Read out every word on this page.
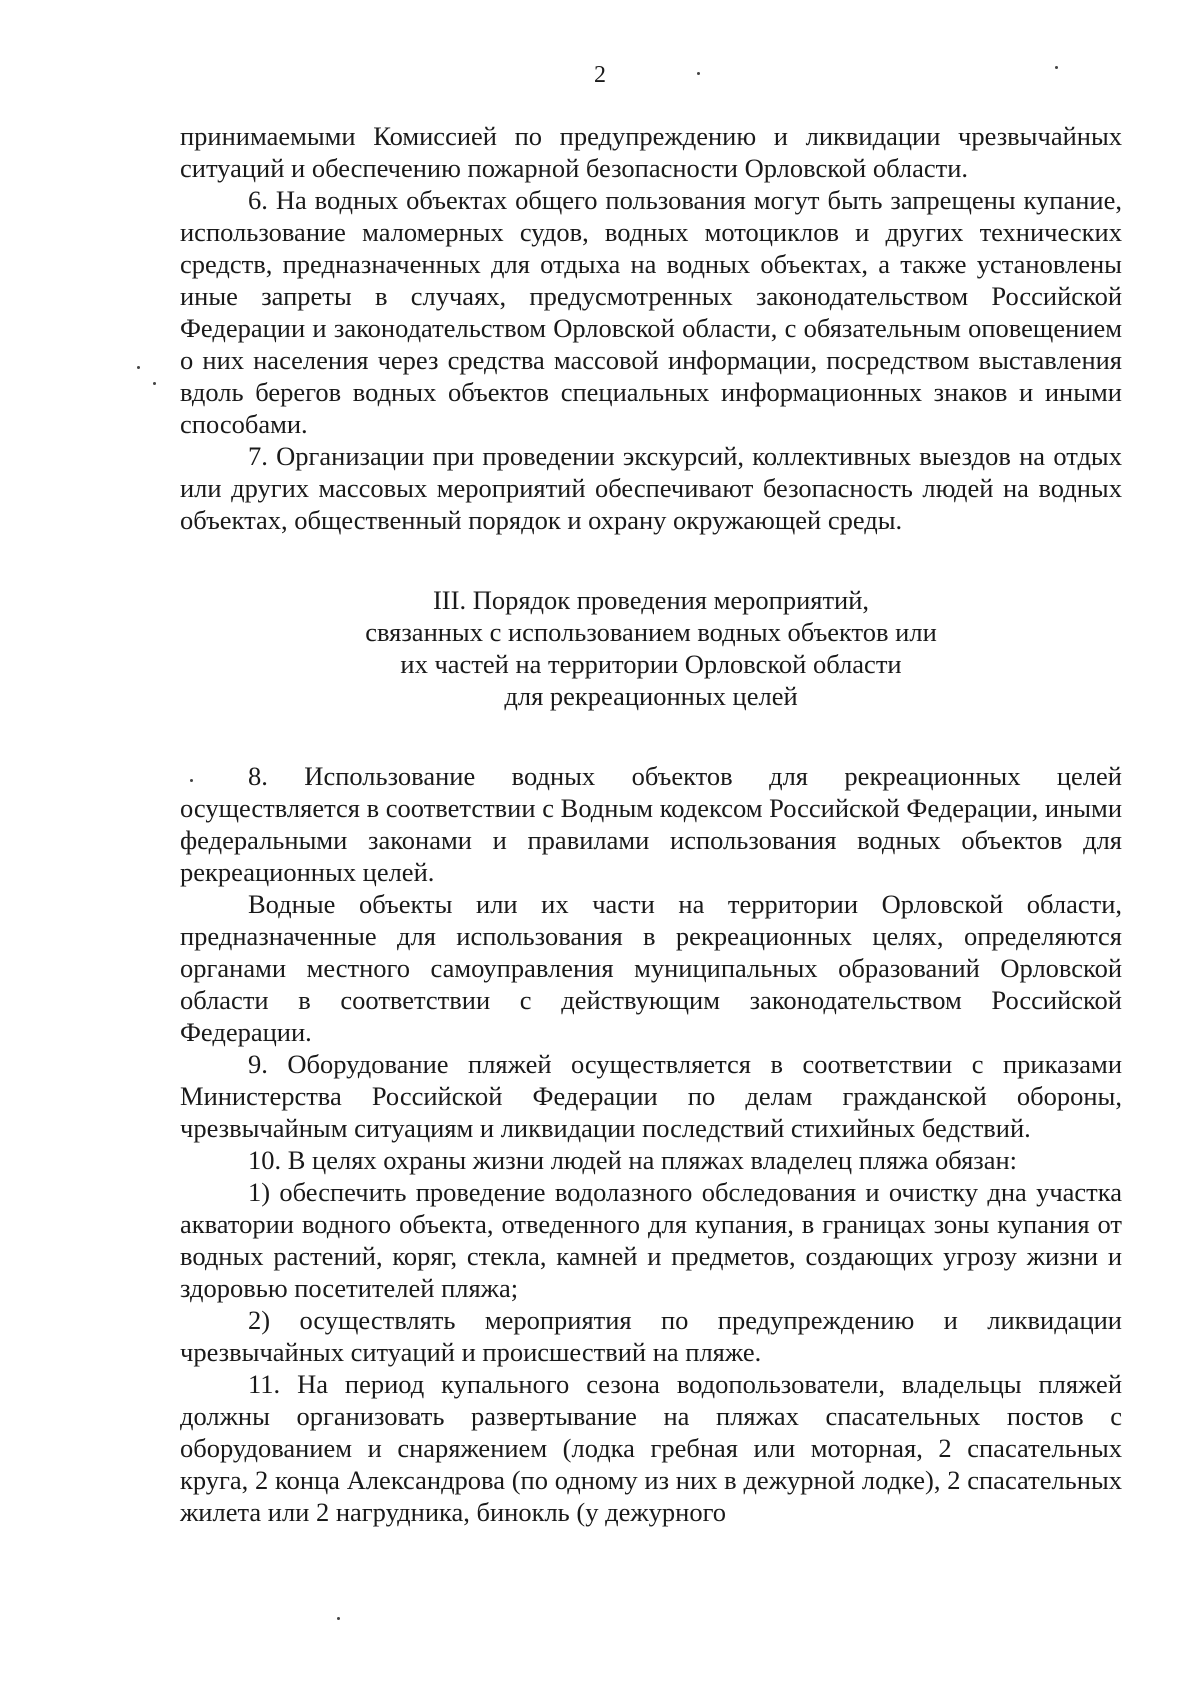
2

принимаемыми Комиссией по предупреждению и ликвидации чрезвычайных ситуаций и обеспечению пожарной безопасности Орловской области.

6. На водных объектах общего пользования могут быть запрещены купание, использование маломерных судов, водных мотоциклов и других технических средств, предназначенных для отдыха на водных объектах, а также установлены иные запреты в случаях, предусмотренных законодательством Российской Федерации и законодательством Орловской области, с обязательным оповещением о них населения через средства массовой информации, посредством выставления вдоль берегов водных объектов специальных информационных знаков и иными способами.

7. Организации при проведении экскурсий, коллективных выездов на отдых или других массовых мероприятий обеспечивают безопасность людей на водных объектах, общественный порядок и охрану окружающей среды.

III. Порядок проведения мероприятий,
связанных с использованием водных объектов или
их частей на территории Орловской области
для рекреационных целей

8. Использование водных объектов для рекреационных целей осуществляется в соответствии с Водным кодексом Российской Федерации, иными федеральными законами и правилами использования водных объектов для рекреационных целей.

Водные объекты или их части на территории Орловской области, предназначенные для использования в рекреационных целях, определяются органами местного самоуправления муниципальных образований Орловской области в соответствии с действующим законодательством Российской Федерации.

9. Оборудование пляжей осуществляется в соответствии с приказами Министерства Российской Федерации по делам гражданской обороны, чрезвычайным ситуациям и ликвидации последствий стихийных бедствий.

10. В целях охраны жизни людей на пляжах владелец пляжа обязан:

1) обеспечить проведение водолазного обследования и очистку дна участка акватории водного объекта, отведенного для купания, в границах зоны купания от водных растений, коряг, стекла, камней и предметов, создающих угрозу жизни и здоровью посетителей пляжа;

2) осуществлять мероприятия по предупреждению и ликвидации чрезвычайных ситуаций и происшествий на пляже.

11. На период купального сезона водопользователи, владельцы пляжей должны организовать развертывание на пляжах спасательных постов с оборудованием и снаряжением (лодка гребная или моторная, 2 спасательных круга, 2 конца Александрова (по одному из них в дежурной лодке), 2 спасательных жилета или 2 нагрудника, бинокль (у дежурного
